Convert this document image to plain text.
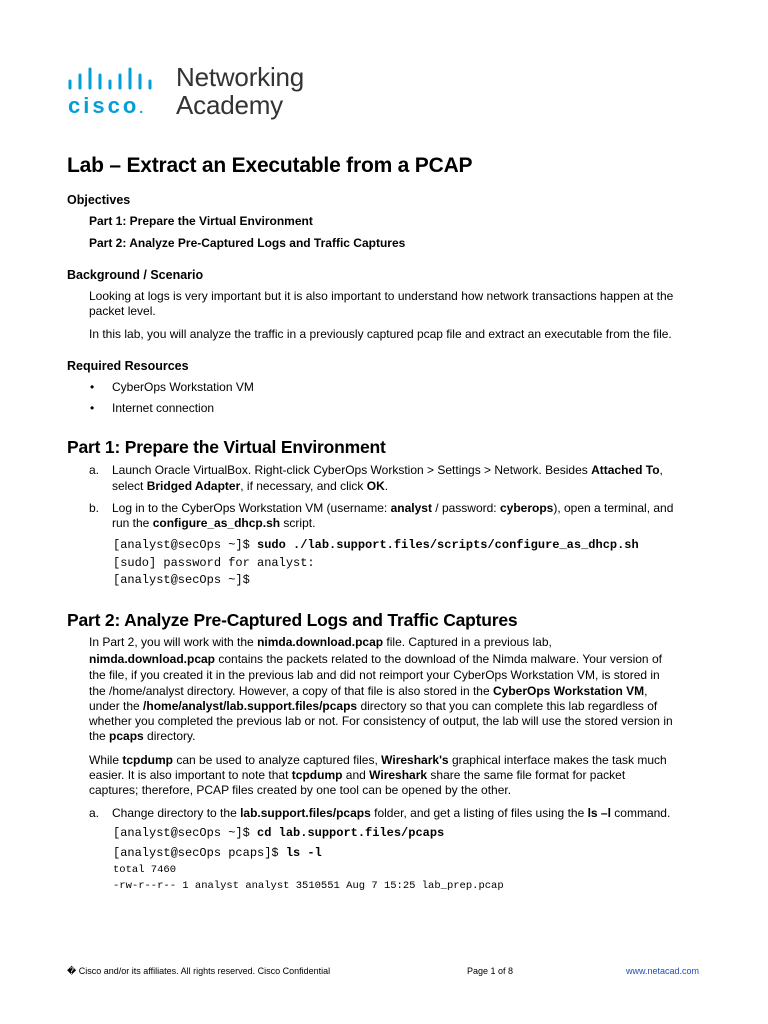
cisco.
Networking
Academy
Lab – Extract an Executable from a PCAP
Objectives
Part 1: Prepare the Virtual Environment
Part 2: Analyze Pre-Captured Logs and Traffic Captures
Background / Scenario
Looking at logs is very important but it is also important to understand how network transactions happen at the
packet level.
In this lab, you will analyze the traffic in a previously captured pcap file and extract an executable from the file.
Required Resources
• CyberOps Workstation VM
• Internet connection
Part 1: Prepare the Virtual Environment
a. Launch Oracle VirtualBox. Right-click CyberOps Workstion > Settings > Network. Besides Attached To,
select Bridged Adapter, if necessary, and click OK.
b. Log in to the CyberOps Workstation VM (username: analyst / password: cyberops), open a terminal, and
run the configure_as_dhcp.sh script.
[analyst@secOps ~]$ sudo ./lab.support.files/scripts/configure_as_dhcp.sh
[sudo] password for analyst:
[analyst@secOps ~]$
Part 2: Analyze Pre-Captured Logs and Traffic Captures
In Part 2, you will work with the nimda.download.pcap file. Captured in a previous lab,
nimda.download.pcap contains the packets related to the download of the Nimda malware. Your version of
the file, if you created it in the previous lab and did not reimport your CyberOps Workstation VM, is stored in
the /home/analyst directory. However, a copy of that file is also stored in the CyberOps Workstation VM,
under the /home/analyst/lab.support.files/pcaps directory so that you can complete this lab regardless of
whether you completed the previous lab or not. For consistency of output, the lab will use the stored version in
the pcaps directory.
While tcpdump can be used to analyze captured files, Wireshark's graphical interface makes the task much
easier. It is also important to note that tcpdump and Wireshark share the same file format for packet
captures; therefore, PCAP files created by one tool can be opened by the other.
a. Change directory to the lab.support.files/pcaps folder, and get a listing of files using the ls –l command.
[analyst@secOps ~]$ cd lab.support.files/pcaps
[analyst@secOps pcaps]$ ls -l
total 7460
-rw-r--r-- 1 analyst analyst 3510551 Aug 7 15:25 lab_prep.pcap
� Cisco and/or its affiliates. All rights reserved. Cisco Confidential	Page 1 of 8	www.netacad.com
